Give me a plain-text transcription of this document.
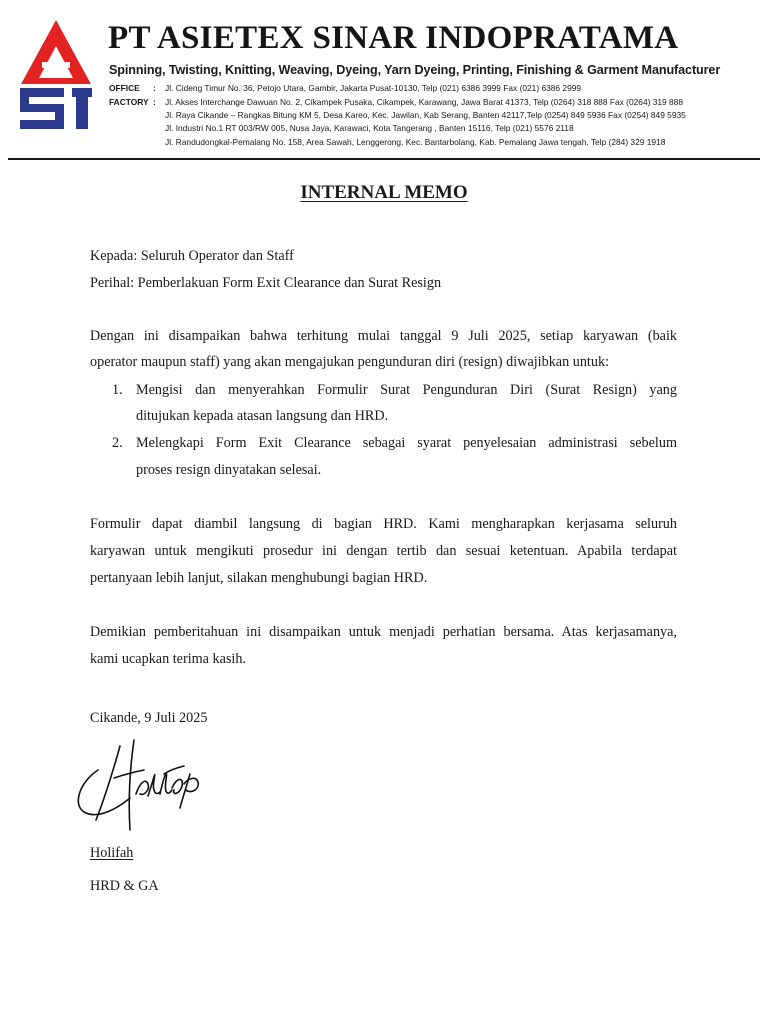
PT ASIETEX SINAR INDOPRATAMA
Spinning, Twisting, Knitting, Weaving, Dyeing, Yarn Dyeing, Printing, Finishing & Garment Manufacturer
OFFICE : Jl. Cideng Timur No. 36, Petojo Utara, Gambir, Jakarta Pusat-10130, Telp (021) 6386 3999 Fax (021) 6386 2999
FACTORY : Jl. Akses Interchange Dawuan No. 2, Cikampek Pusaka, Cikampek, Karawang, Jawa Barat 41373, Telp (0264) 318 888 Fax (0264) 319 888
Jl. Raya Cikande – Rangkas Bitung KM 5, Desa Kareo, Kec. Jawilan, Kab Serang, Banten 42117,Telp (0254) 849 5936 Fax (0254) 849 5935
Jl. Industri No.1 RT 003/RW 005, Nusa Jaya, Karawaci, Kota Tangerang , Banten 15116, Telp (021) 5576 2118
Jl. Randudongkal-Pemalang No. 158, Area Sawah, Lenggerong, Kec. Bantarbolang, Kab. Pemalang Jawa tengah, Telp (284) 329 1918
INTERNAL MEMO
Kepada: Seluruh Operator dan Staff
Perihal: Pemberlakuan Form Exit Clearance dan Surat Resign
Dengan ini disampaikan bahwa terhitung mulai tanggal 9 Juli 2025, setiap karyawan (baik
operator maupun staff) yang akan mengajukan pengunduran diri (resign) diwajibkan untuk:
1. Mengisi dan menyerahkan Formulir Surat Pengunduran Diri (Surat Resign) yang
ditujukan kepada atasan langsung dan HRD.
2. Melengkapi Form Exit Clearance sebagai syarat penyelesaian administrasi sebelum
proses resign dinyatakan selesai.
Formulir dapat diambil langsung di bagian HRD. Kami mengharapkan kerjasama seluruh
karyawan untuk mengikuti prosedur ini dengan tertib dan sesuai ketentuan. Apabila terdapat
pertanyaan lebih lanjut, silakan menghubungi bagian HRD.
Demikian pemberitahuan ini disampaikan untuk menjadi perhatian bersama. Atas kerjasamanya,
kami ucapkan terima kasih.
Cikande, 9 Juli 2025
Holifah
HRD & GA
